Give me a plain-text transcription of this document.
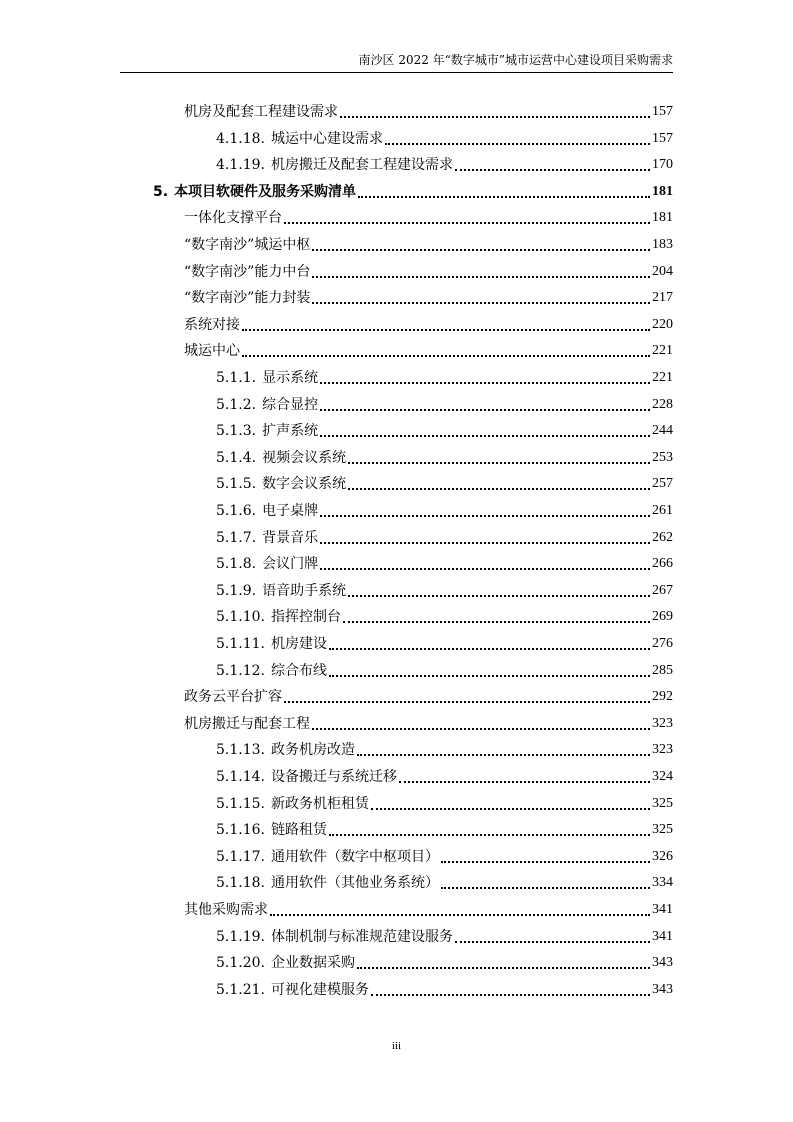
南沙区 2022 年“数字城市”城市运营中心建设项目采购需求
机房及配套工程建设需求	157
4.1.18. 城运中心建设需求	157
4.1.19. 机房搬迁及配套工程建设需求	170
5. 本项目软硬件及服务采购清单	181
一体化支撑平台	181
“数字南沙”城运中枢	183
“数字南沙”能力中台	204
“数字南沙”能力封装	217
系统对接	220
城运中心	221
5.1.1. 显示系统	221
5.1.2. 综合显控	228
5.1.3. 扩声系统	244
5.1.4. 视频会议系统	253
5.1.5. 数字会议系统	257
5.1.6. 电子桌牌	261
5.1.7. 背景音乐	262
5.1.8. 会议门牌	266
5.1.9. 语音助手系统	267
5.1.10. 指挥控制台	269
5.1.11. 机房建设	276
5.1.12. 综合布线	285
政务云平台扩容	292
机房搬迁与配套工程	323
5.1.13. 政务机房改造	323
5.1.14. 设备搬迁与系统迁移	324
5.1.15. 新政务机柜租赁	325
5.1.16. 链路租赁	325
5.1.17. 通用软件（数字中枢项目）	326
5.1.18. 通用软件（其他业务系统）	334
其他采购需求	341
5.1.19. 体制机制与标准规范建设服务	341
5.1.20. 企业数据采购	343
5.1.21. 可视化建模服务	343
iii
